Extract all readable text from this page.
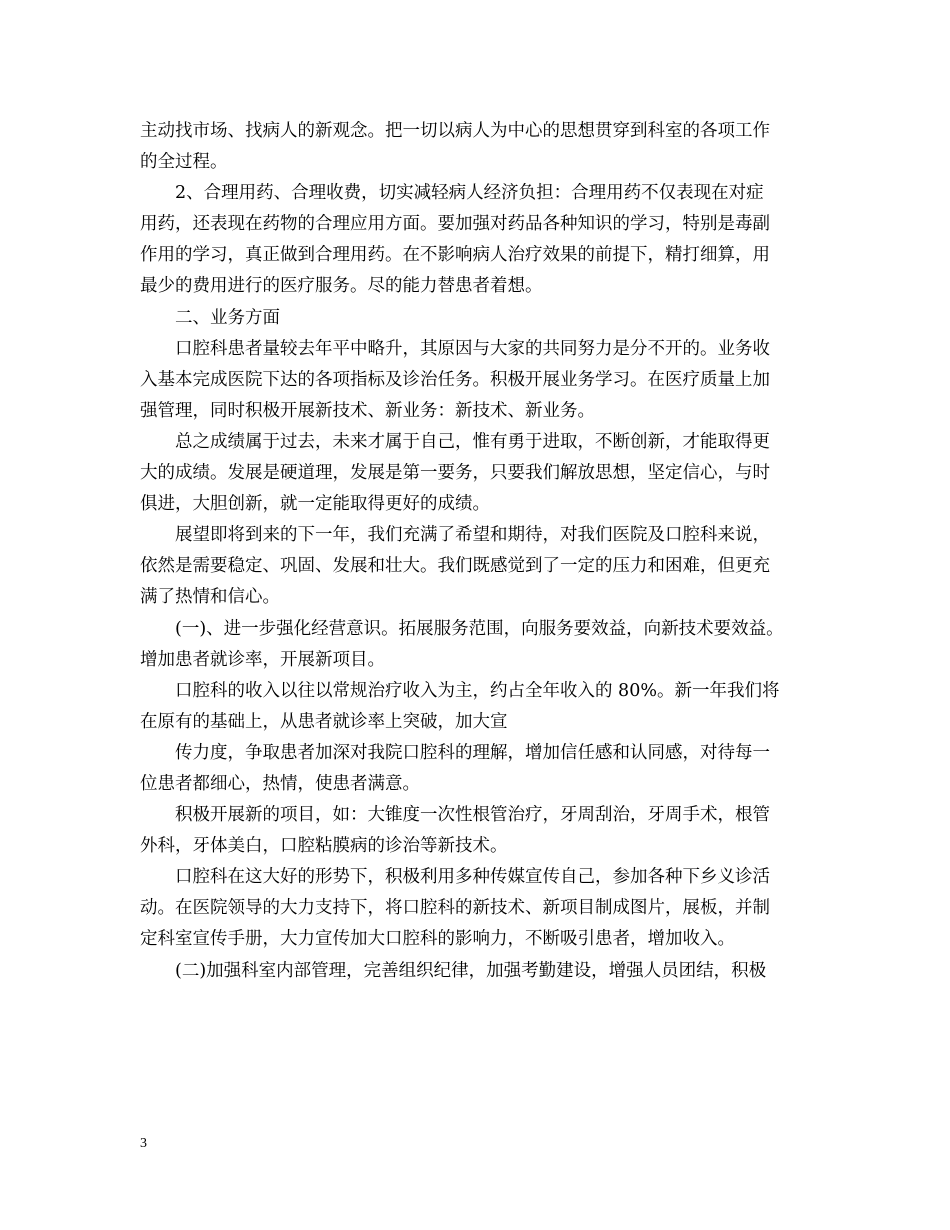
主动找市场、找病人的新观念。把一切以病人为中心的思想贯穿到科室的各项工作
的全过程。
2、合理用药、合理收费，切实减轻病人经济负担：合理用药不仅表现在对症
用药，还表现在药物的合理应用方面。要加强对药品各种知识的学习，特别是毒副
作用的学习，真正做到合理用药。在不影响病人治疗效果的前提下，精打细算，用
最少的费用进行的医疗服务。尽的能力替患者着想。
二、业务方面
口腔科患者量较去年平中略升，其原因与大家的共同努力是分不开的。业务收
入基本完成医院下达的各项指标及诊治任务。积极开展业务学习。在医疗质量上加
强管理，同时积极开展新技术、新业务：新技术、新业务。
总之成绩属于过去，未来才属于自己，惟有勇于进取，不断创新，才能取得更
大的成绩。发展是硬道理，发展是第一要务，只要我们解放思想，坚定信心，与时
俱进，大胆创新，就一定能取得更好的成绩。
展望即将到来的下一年，我们充满了希望和期待，对我们医院及口腔科来说，
依然是需要稳定、巩固、发展和壮大。我们既感觉到了一定的压力和困难，但更充
满了热情和信心。
(一)、进一步强化经营意识。拓展服务范围，向服务要效益，向新技术要效益。
增加患者就诊率，开展新项目。
口腔科的收入以往以常规治疗收入为主，约占全年收入的 80%。新一年我们将
在原有的基础上，从患者就诊率上突破，加大宣
传力度，争取患者加深对我院口腔科的理解，增加信任感和认同感，对待每一
位患者都细心，热情，使患者满意。
积极开展新的项目，如：大锥度一次性根管治疗，牙周刮治，牙周手术，根管
外科，牙体美白，口腔粘膜病的诊治等新技术。
口腔科在这大好的形势下，积极利用多种传媒宣传自己，参加各种下乡义诊活
动。在医院领导的大力支持下，将口腔科的新技术、新项目制成图片，展板，并制
定科室宣传手册，大力宣传加大口腔科的影响力，不断吸引患者，增加收入。
(二)加强科室内部管理，完善组织纪律，加强考勤建设，增强人员团结，积极
3
